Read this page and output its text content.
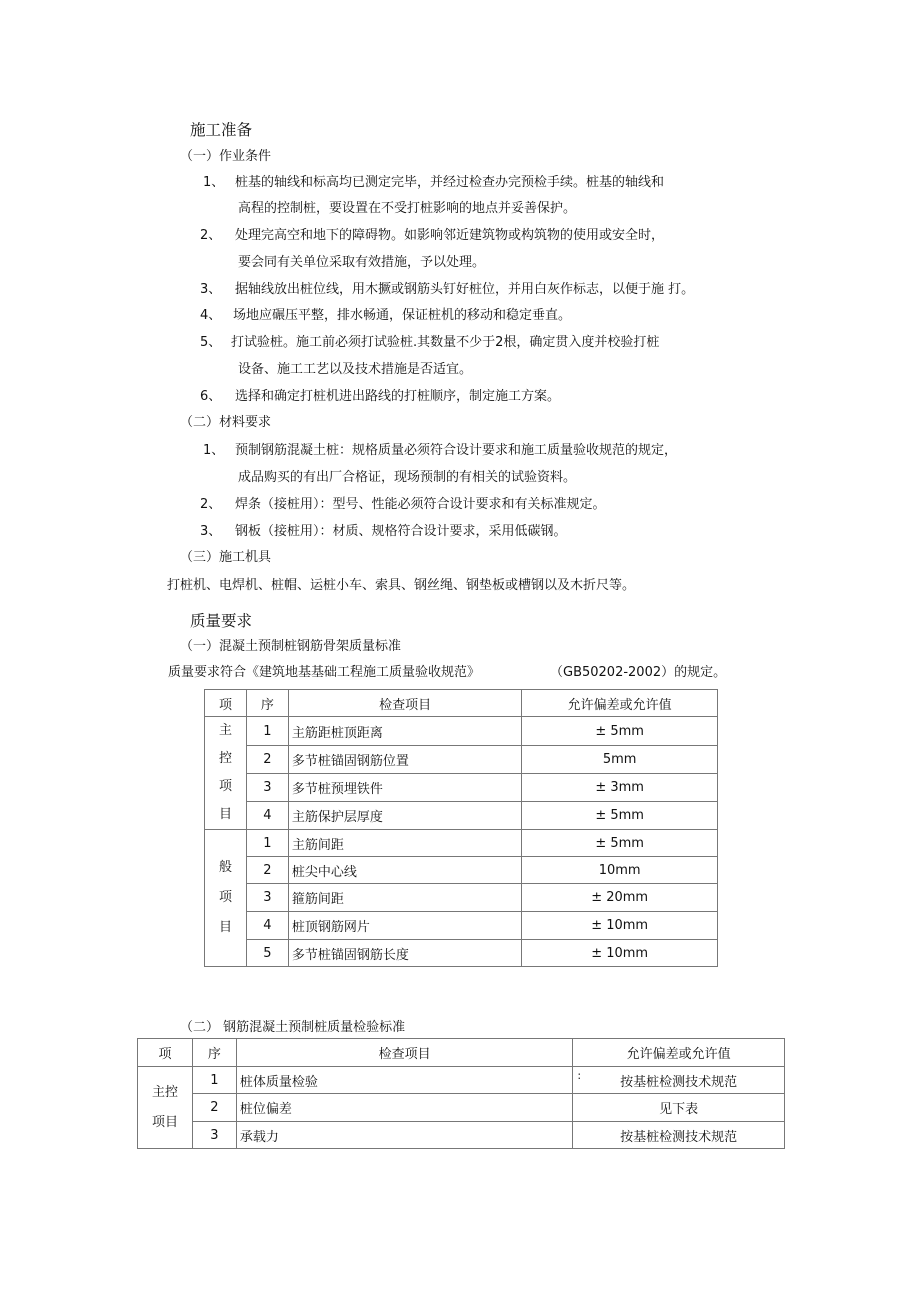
施工准备
（一）作业条件
1、 桩基的轴线和标高均已测定完毕，并经过检查办完预检手续。桩基的轴线和
高程的控制桩，要设置在不受打桩影响的地点并妥善保护。
2、 处理完高空和地下的障碍物。如影响邻近建筑物或构筑物的使用或安全时，
要会同有关单位采取有效措施，予以处理。
3、 据轴线放出桩位线，用木撅或钢筋头钉好桩位，并用白灰作标志，以便于施 打。
4、 场地应碾压平整，排水畅通，保证桩机的移动和稳定垂直。
5、 打试验桩。施工前必须打试验桩.其数量不少于2根，确定贯入度并校验打桩
设备、施工工艺以及技术措施是否适宜。
6、 选择和确定打桩机进出路线的打桩顺序，制定施工方案。
（二）材料要求
1、 预制钢筋混凝土桩：规格质量必须符合设计要求和施工质量验收规范的规定，
成品购买的有出厂合格证，现场预制的有相关的试验资料。
2、 焊条（接桩用）：型号、性能必须符合设计要求和有关标准规定。
3、 钢板（接桩用）：材质、规格符合设计要求，采用低碳钢。
（三）施工机具
打桩机、电焊机、桩帽、运桩小车、索具、钢丝绳、钢垫板或槽钢以及木折尺等。
质量要求
（一）混凝土预制桩钢筋骨架质量标准
质量要求符合《建筑地基基础工程施工质量验收规范》	（GB50202-2002）的规定。
项	序	检查项目	允许偏差或允许值

主
控
项
目	1	主筋距桩顶距离	± 5mm
	2	多节桩锚固钢筋位置	5mm
	3	多节桩预埋铁件	± 3mm
	4	主筋保护层厚度	± 5mm

般
项
目	1	主筋间距	± 5mm
	2	桩尖中心线	10mm
	3	箍筋间距	± 20mm
	4	桩顶钢筋网片	± 10mm
	5	多节桩锚固钢筋长度	± 10mm
（二） 钢筋混凝土预制桩质量检验标准
项	序	检查项目	允许偏差或允许值

主控
项目	1	桩体质量检验	: 按基桩检测技术规范
	2	桩位偏差	见下表
	3	承载力	按基桩检测技术规范
